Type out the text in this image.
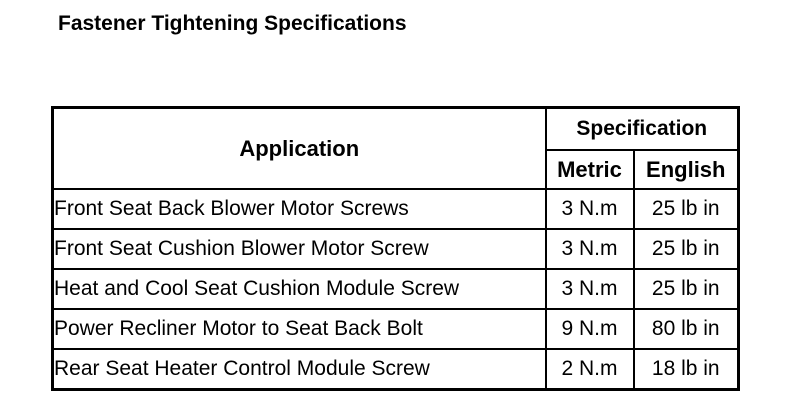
Fastener Tightening Specifications
Application	Specification	
	Metric	English
Front Seat Back Blower Motor Screws	3 N.m	25 lb in
Front Seat Cushion Blower Motor Screw	3 N.m	25 lb in
Heat and Cool Seat Cushion Module Screw	3 N.m	25 lb in
Power Recliner Motor to Seat Back Bolt	9 N.m	80 lb in
Rear Seat Heater Control Module Screw	2 N.m	18 lb in
